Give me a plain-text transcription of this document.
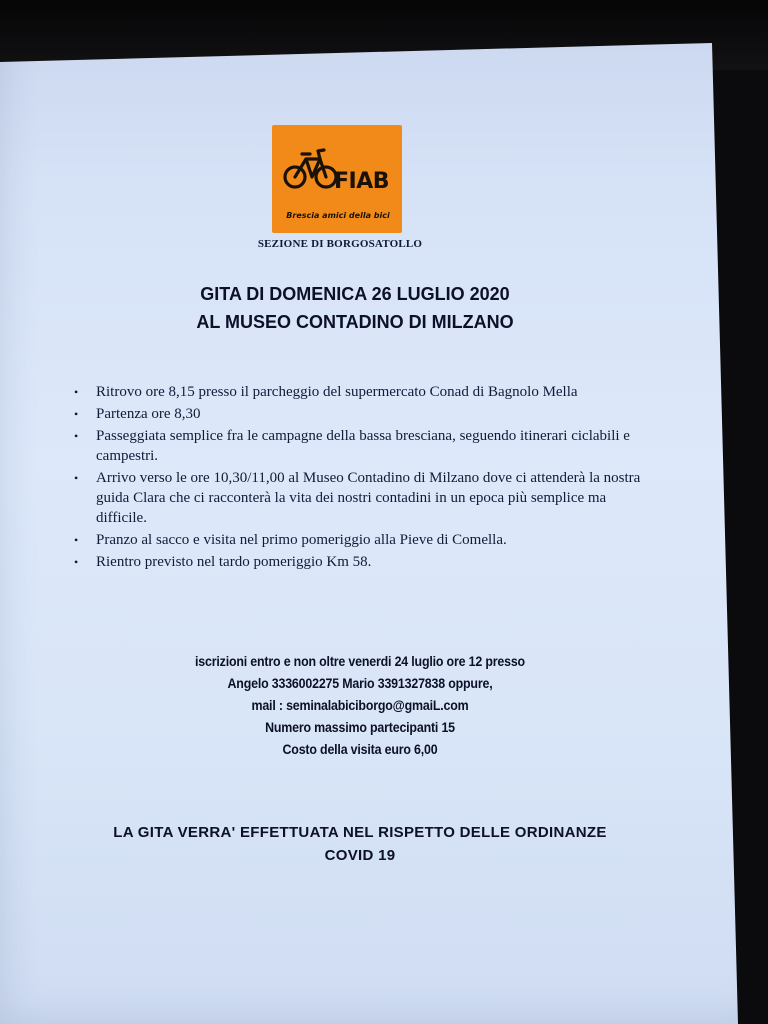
FIAB
Brescia amici della bici
SEZIONE DI BORGOSATOLLO
GITA DI DOMENICA 26 LUGLIO 2020
AL MUSEO CONTADINO DI MILZANO
• Ritrovo ore 8,15 presso il parcheggio del supermercato Conad di Bagnolo Mella
• Partenza ore 8,30
• Passeggiata semplice fra le campagne della bassa bresciana, seguendo itinerari ciclabili e campestri.
• Arrivo verso le ore 10,30/11,00 al Museo Contadino di Milzano dove ci attenderà la nostra guida Clara che ci racconterà la vita dei nostri contadini in un epoca più semplice ma difficile.
• Pranzo al sacco e visita nel primo pomeriggio alla Pieve di Comella.
• Rientro previsto nel tardo pomeriggio Km 58.
iscrizioni entro e non oltre venerdi 24 luglio ore 12 presso
Angelo 3336002275 Mario 3391327838 oppure,
mail : seminalabiciborgo@gmaiL.com
Numero massimo partecipanti 15
Costo della visita euro 6,00
LA GITA VERRA' EFFETTUATA NEL RISPETTO DELLE ORDINANZE
COVID 19
